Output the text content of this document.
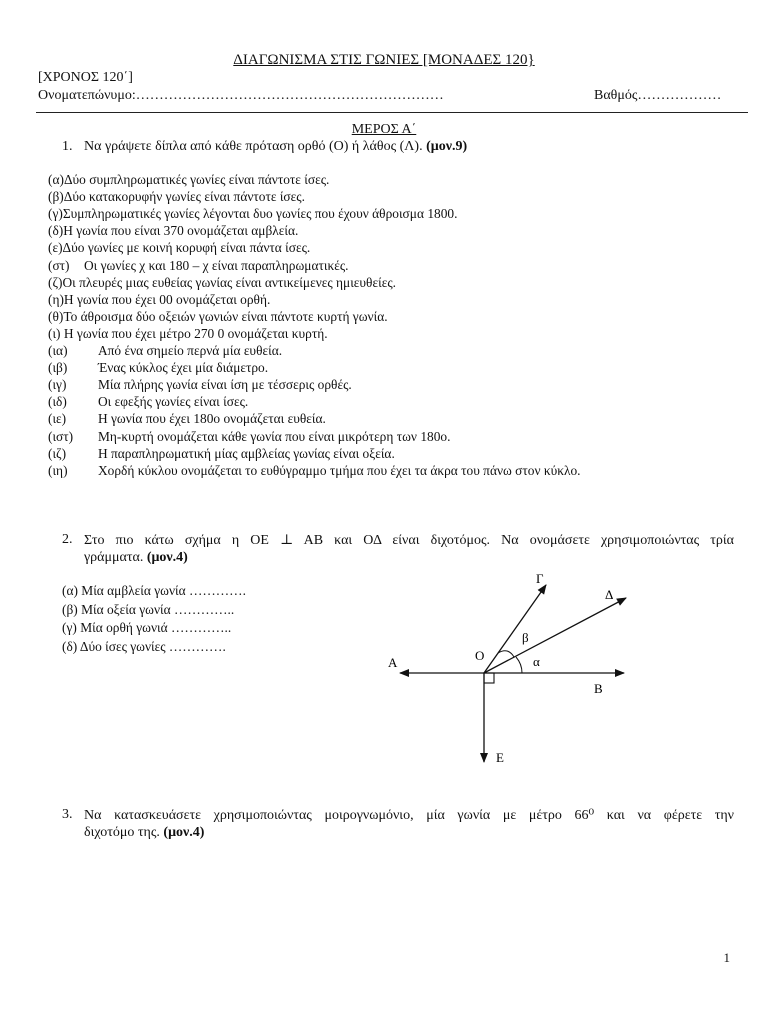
ΔΙΑΓΩΝΙΣΜΑ ΣΤΙΣ ΓΩΝΙΕΣ [ΜΟΝΑΔΕΣ 120}
[ΧΡΟΝΟΣ 120΄]
Ονοματεπώνυμο:…………………………………………………………	Βαθμός………………
ΜΕΡΟΣ Α΄
1. Να γράψετε δίπλα από κάθε πρόταση ορθό (Ο) ή λάθος (Λ). (μον.9)
(α)Δύο συμπληρωματικές γωνίες είναι πάντοτε ίσες.
(β)Δύο κατακορυφήν γωνίες είναι πάντοτε ίσες.
(γ)Συμπληρωματικές γωνίες λέγονται δυο γωνίες που έχουν άθροισμα 1800.
(δ)Η γωνία που είναι 370 ονομάζεται αμβλεία.
(ε)Δύο γωνίες με κοινή κορυφή είναι πάντα ίσες.
(στ) Οι γωνίες χ και 180 – χ είναι παραπληρωματικές.
(ζ)Οι πλευρές μιας ευθείας γωνίας είναι αντικείμενες ημιευθείες.
(η)Η γωνία που έχει 00 ονομάζεται ορθή.
(θ)Το άθροισμα δύο οξειών γωνιών είναι πάντοτε κυρτή γωνία.
(ι) Η γωνία που έχει μέτρο 270 0 ονομάζεται κυρτή.
(ια) Από ένα σημείο περνά μία ευθεία.
(ιβ) Ένας κύκλος έχει μία διάμετρο.
(ιγ) Μία πλήρης γωνία είναι ίση με τέσσερις ορθές.
(ιδ) Οι εφεξής γωνίες είναι ίσες.
(ιε) Η γωνία που έχει 180ο ονομάζεται ευθεία.
(ιστ) Μη-κυρτή ονομάζεται κάθε γωνία που είναι μικρότερη των 180ο.
(ιζ) Η παραπληρωματική μίας αμβλείας γωνίας είναι οξεία.
(ιη) Χορδή κύκλου ονομάζεται το ευθύγραμμο τμήμα που έχει τα άκρα του πάνω στον κύκλο.
2. Στο πιο κάτω σχήμα η ΟΕ ⊥ ΑΒ και ΟΔ είναι διχοτόμος. Να ονομάσετε χρησιμοποιώντας τρία
γράμματα. (μον.4)
(α) Μία αμβλεία γωνία ………….
(β) Μία οξεία γωνία …………..
(γ) Μία ορθή γωνιά …………..
(δ) Δύο ίσες γωνίες ………….
Γ
Δ
β
Ο	α
Α
Β
Ε
3. Να κατασκευάσετε χρησιμοποιώντας μοιρογνωμόνιο, μία γωνία με μέτρο 66⁰ και να φέρετε την
διχοτόμο της. (μον.4)
1
